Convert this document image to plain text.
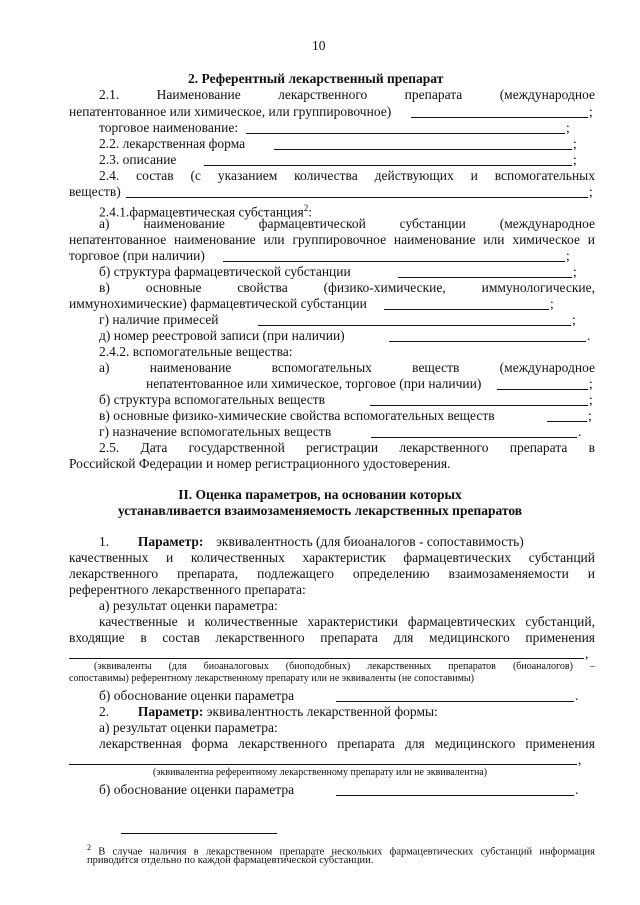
10
2. Референтный лекарственный препарат
2.1. Наименование лекарственного препарата (международное
непатентованное или химическое, или группировочное)	;
торговое наименование:	;
2.2. лекарственная форма	;
2.3. описание	;
2.4. состав (с указанием количества действующих и вспомогательных
веществ)	;
2.4.1.фармацевтическая субстанция$^2$:
а) наименование фармацевтической субстанции (международное
непатентованное наименование или группировочное наименование или химическое и
торговое (при наличии)	;
б) структура фармацевтической субстанции	;
в) основные свойства (физико-химические, иммунологические,
иммунохимические) фармацевтической субстанции	;
г) наличие примесей	;
д) номер реестровой записи (при наличии)	.
2.4.2. вспомогательные вещества:
а) наименование вспомогательных веществ (международное
непатентованное или химическое, торговое (при наличии)	;
б) структура вспомогательных веществ	;
в) основные физико-химические свойства вспомогательных веществ	;
г) назначение вспомогательных веществ	.
2.5. Дата государственной регистрации лекарственного препарата в
Российской Федерации и номер регистрационного удостоверения.
II. Оценка параметров, на основании которых
устанавливается взаимозаменяемость лекарственных препаратов
1. Параметр: эквивалентность (для биоаналогов - сопоставимость)
качественных и количественных характеристик фармацевтических субстанций
лекарственного препарата, подлежащего определению взаимозаменяемости и
референтного лекарственного препарата:
а) результат оценки параметра:
качественные и количественные характеристики фармацевтических субстанций,
входящие в состав лекарственного препарата для медицинского применения
,
(эквиваленты (для биоаналоговых (биоподобных) лекарственных препаратов (биоаналогов) –
сопоставимы) референтному лекарственному препарату или не эквиваленты (не сопоставимы)
б) обоснование оценки параметра	.
2. Параметр: эквивалентность лекарственной формы:
а) результат оценки параметра:
лекарственная форма лекарственного препарата для медицинского применения
,
(эквивалентна референтному лекарственному препарату или не эквивалентна)
б) обоснование оценки параметра	.
$^2$ В случае наличия в лекарственном препарате нескольких фармацевтических субстанций информация
приводится отдельно по каждой фармацевтической субстанции.
